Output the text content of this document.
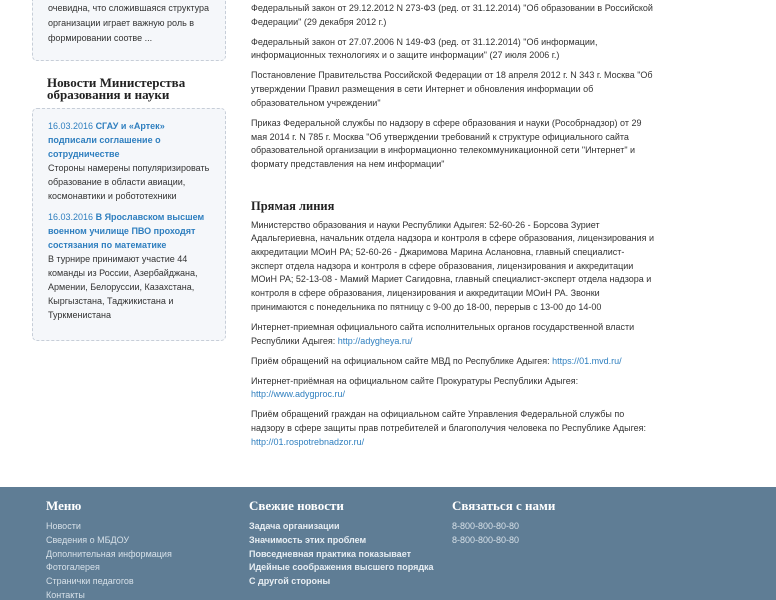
очевидна, что сложившаяся структура организации играет важную роль в формировании соотве ...
Новости Министерства образования и науки
16.03.2016 СГАУ и «Артек» подписали соглашение о сотрудничестве
Стороны намерены популяризировать образование в области авиации, космонавтики и робототехники
16.03.2016 В Ярославском высшем военном училище ПВО проходят состязания по математике
В турнире принимают участие 44 команды из России, Азербайджана, Армении, Белоруссии, Казахстана, Кыргызстана, Таджикистана и Туркменистана

Федеральный закон от 29.12.2012 N 273-ФЗ (ред. от 31.12.2014) "Об образовании в Российской Федерации" (29 декабря 2012 г.)

Федеральный закон от 27.07.2006 N 149-ФЗ (ред. от 31.12.2014) "Об информации, информационных технологиях и о защите информации" (27 июля 2006 г.)

Постановление Правительства Российской Федерации от 18 апреля 2012 г. N 343 г. Москва "Об утверждении Правил размещения в сети Интернет и обновления информации об образовательном учреждении"

Приказ Федеральной службы по надзору в сфере образования и науки (Рособрнадзор) от 29 мая 2014 г. N 785 г. Москва "Об утверждении требований к структуре официального сайта образовательной организации в информационно телекоммуникационной сети "Интернет" и формату представления на нем информации"

Прямая линия

Министерство образования и науки Республики Адыгея: 52-60-26 - Борсова Зуриет Адальгериевна, начальник отдела надзора и контроля в сфере образования, лицензирования и аккредитации МОиН РА; 52-60-26 - Джаримова Марина Аслановна, главный специалист-эксперт отдела надзора и контроля в сфере образования, лицензирования и аккредитации МОиН РА; 52-13-08 - Мамий Мариет Сагидовна, главный специалист-эксперт отдела надзора и контроля в сфере образования, лицензирования и аккредитации МОиН РА. Звонки принимаются с понедельника по пятницу с 9-00 до 18-00, перерыв с 13-00 до 14-00

Интернет-приемная официального сайта исполнительных органов государственной власти Республики Адыгея: http://adygheya.ru/

Приём обращений на официальном сайте МВД по Республике Адыгея: https://01.mvd.ru/

Интернет-приёмная на официальном сайте Прокуратуры Республики Адыгея:
http://www.adygproc.ru/

Приём обращений граждан на официальном сайте Управления Федеральной службы по надзору в сфере защиты прав потребителей и благополучия человека по Республике Адыгея:
http://01.rospotrebnadzor.ru/

Меню
Новости
Сведения о МБДОУ
Дополнительная информация
Фотогалерея
Странички педагогов
Контакты
Свежие новости
Задача организации
Значимость этих проблем
Повседневная практика показывает
Идейные соображения высшего порядка
С другой стороны
Связаться с нами
8-800-800-80-80
8-800-800-80-80
